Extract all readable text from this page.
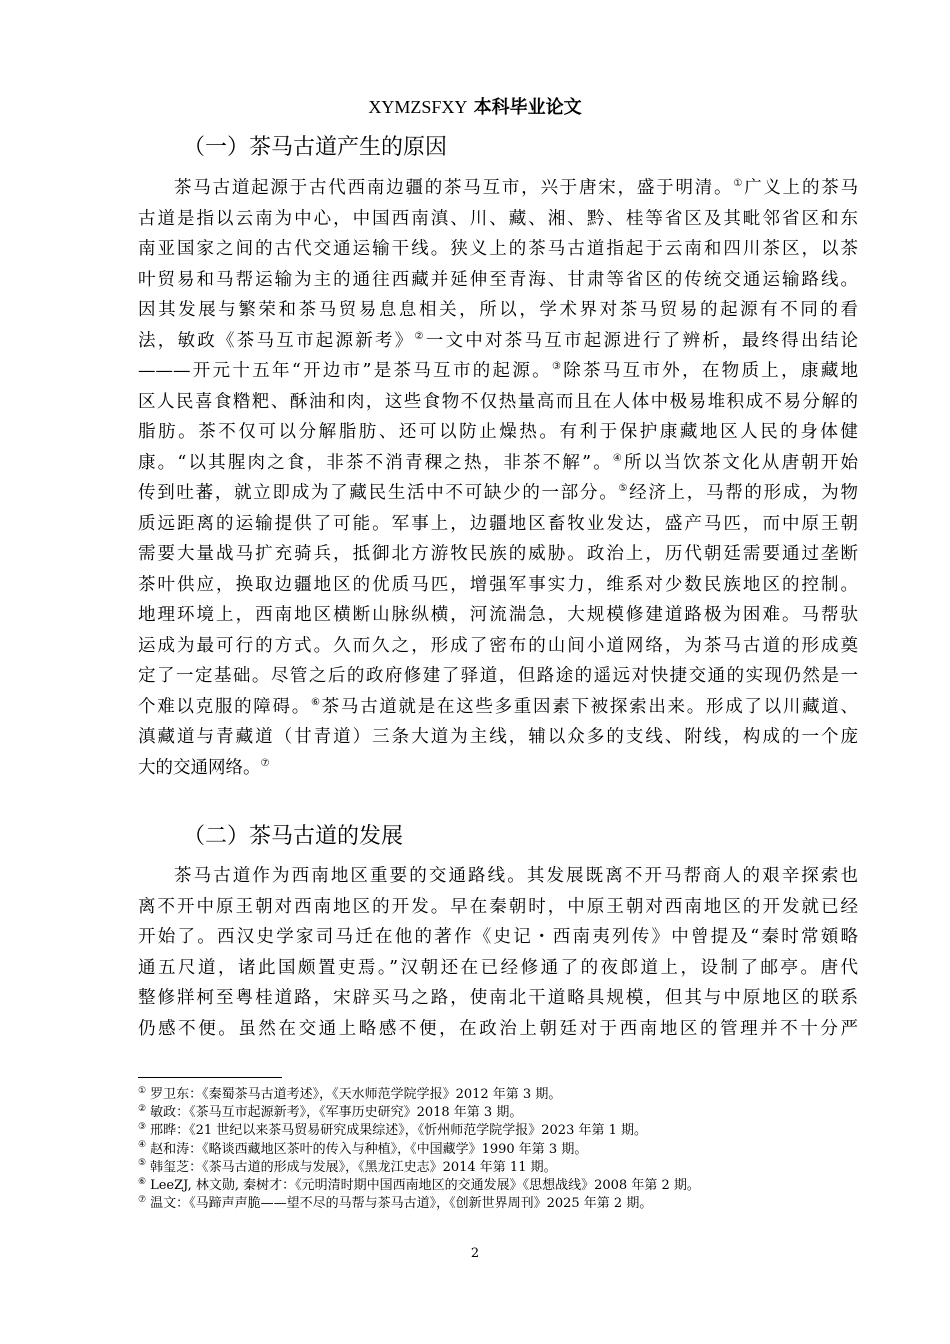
XYMZSFXY 本科毕业论文
（一）茶马古道产生的原因
茶马古道起源于古代西南边疆的茶马互市，兴于唐宋，盛于明清。①广义上的茶马
古道是指以云南为中心，中国西南滇、川、藏、湘、黔、桂等省区及其毗邻省区和东
南亚国家之间的古代交通运输干线。狭义上的茶马古道指起于云南和四川茶区，以茶
叶贸易和马帮运输为主的通往西藏并延伸至青海、甘肃等省区的传统交通运输路线。
因其发展与繁荣和茶马贸易息息相关，所以，学术界对茶马贸易的起源有不同的看
法，敏政《茶马互市起源新考》②一文中对茶马互市起源进行了辨析，最终得出结论
———开元十五年“开边市”是茶马互市的起源。③除茶马互市外，在物质上，康藏地
区人民喜食糌粑、酥油和肉，这些食物不仅热量高而且在人体中极易堆积成不易分解的
脂肪。茶不仅可以分解脂肪、还可以防止燥热。有利于保护康藏地区人民的身体健
康。“以其腥肉之食，非茶不消青稞之热，非茶不解”。④所以当饮茶文化从唐朝开始
传到吐蕃，就立即成为了藏民生活中不可缺少的一部分。⑤经济上，马帮的形成，为物
质远距离的运输提供了可能。军事上，边疆地区畜牧业发达，盛产马匹，而中原王朝
需要大量战马扩充骑兵，抵御北方游牧民族的威胁。政治上，历代朝廷需要通过垄断
茶叶供应，换取边疆地区的优质马匹，增强军事实力，维系对少数民族地区的控制。
地理环境上，西南地区横断山脉纵横，河流湍急，大规模修建道路极为困难。马帮驮
运成为最可行的方式。久而久之，形成了密布的山间小道网络，为茶马古道的形成奠
定了一定基础。尽管之后的政府修建了驿道，但路途的遥远对快捷交通的实现仍然是一
个难以克服的障碍。⑥茶马古道就是在这些多重因素下被探索出来。形成了以川藏道、
滇藏道与青藏道（甘青道）三条大道为主线，辅以众多的支线、附线，构成的一个庞
大的交通网络。⑦
（二）茶马古道的发展
茶马古道作为西南地区重要的交通路线。其发展既离不开马帮商人的艰辛探索也
离不开中原王朝对西南地区的开发。早在秦朝时，中原王朝对西南地区的开发就已经
开始了。西汉史学家司马迁在他的著作《史记・西南夷列传》中曾提及“秦时常頞略
通五尺道，诸此国颇置吏焉。”汉朝还在已经修通了的夜郎道上，设制了邮亭。唐代
整修牂柯至粤桂道路，宋辟买马之路，使南北干道略具规模，但其与中原地区的联系
仍感不便。虽然在交通上略感不便，在政治上朝廷对于西南地区的管理并不十分严
① 罗卫东：《秦蜀茶马古道考述》，《天水师范学院学报》2012 年第 3 期。
② 敏政：《茶马互市起源新考》，《军事历史研究》2018 年第 3 期。
③ 邢晔：《21 世纪以来茶马贸易研究成果综述》，《忻州师范学院学报》2023 年第 1 期。
④ 赵和涛：《略谈西藏地区茶叶的传入与种植》，《中国藏学》1990 年第 3 期。
⑤ 韩玺芝：《茶马古道的形成与发展》，《黑龙江史志》2014 年第 11 期。
⑥ LeeZJ, 林文勋, 秦树才：《元明清时期中国西南地区的交通发展》《思想战线》2008 年第 2 期。
⑦ 温文：《马蹄声声脆——望不尽的马帮与茶马古道》，《创新世界周刊》2025 年第 2 期。
2
